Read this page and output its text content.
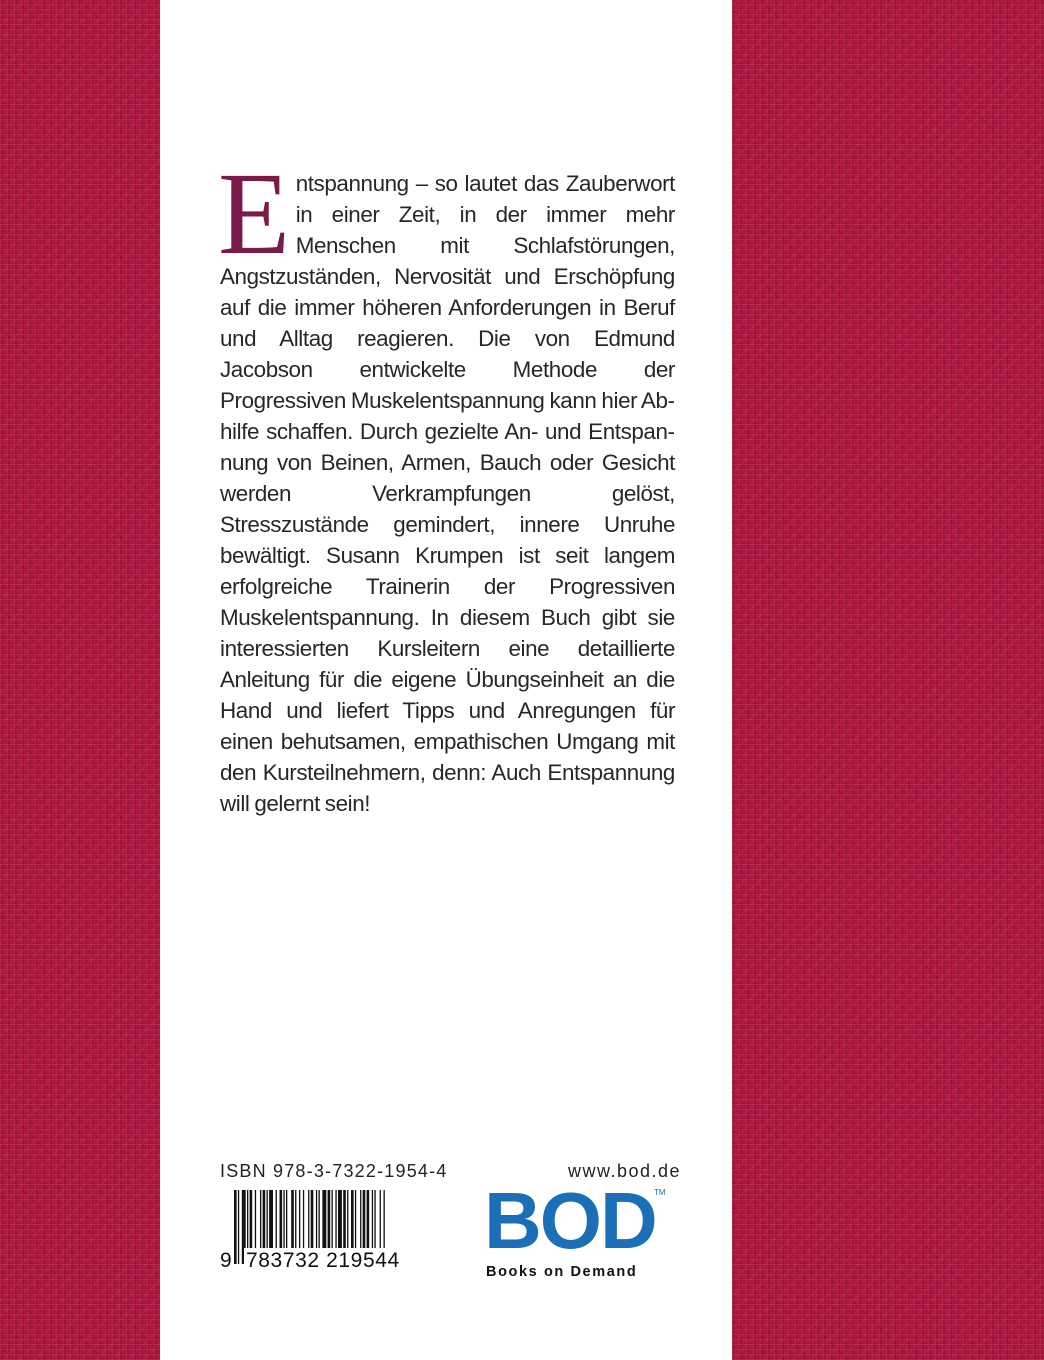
Entspannung – so lautet das Zauberwort in einer Zeit, in der immer mehr Menschen mit Schlafstörungen, Angstzuständen, Nervosität und Erschöpfung auf die immer höheren Anforderungen in Beruf und Alltag reagieren. Die von Edmund Jacobson entwickelte Methode der Progressiven Muskelentspannung kann hier Abhilfe schaffen. Durch gezielte An- und Entspannung von Beinen, Armen, Bauch oder Gesicht werden Verkrampfungen gelöst, Stresszustände gemindert, innere Unruhe bewältigt. Susann Krumpen ist seit langem erfolgreiche Trainerin der Progressiven Muskelentspannung. In diesem Buch gibt sie interessierten Kursleitern eine detaillierte Anleitung für die eigene Übungseinheit an die Hand und liefert Tipps und Anregungen für einen behutsamen, empathischen Umgang mit den Kursteilnehmern, denn: Auch Entspannung will gelernt sein!
ISBN 978-3-7322-1954-4	www.bod.de
9 783732 219544 BOD
TM
Books on Demand
